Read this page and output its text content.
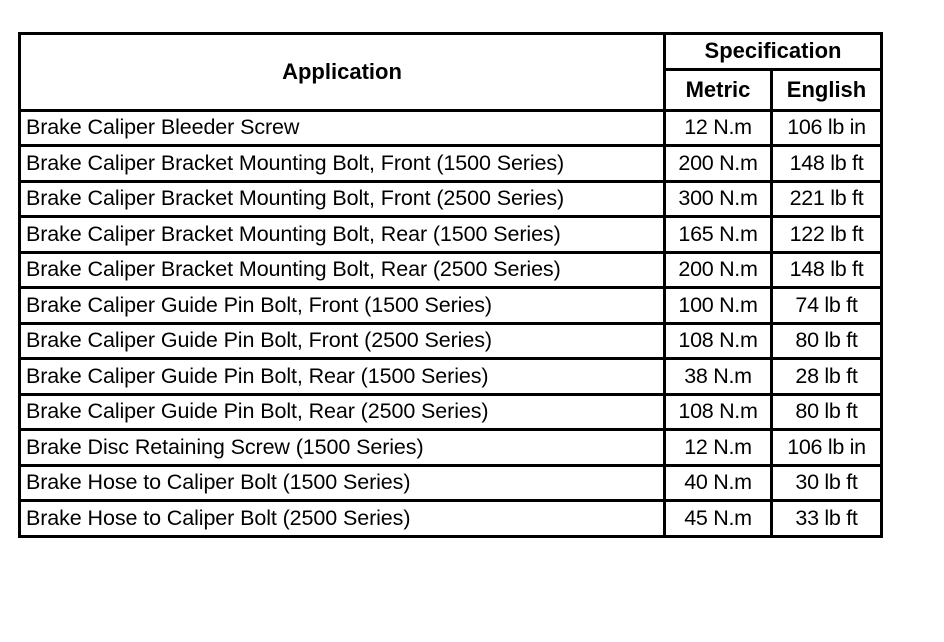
Application	Specification	
	Metric	English
Brake Caliper Bleeder Screw	12 N.m	106 lb in
Brake Caliper Bracket Mounting Bolt, Front (1500 Series)	200 N.m	148 lb ft
Brake Caliper Bracket Mounting Bolt, Front (2500 Series)	300 N.m	221 lb ft
Brake Caliper Bracket Mounting Bolt, Rear (1500 Series)	165 N.m	122 lb ft
Brake Caliper Bracket Mounting Bolt, Rear (2500 Series)	200 N.m	148 lb ft
Brake Caliper Guide Pin Bolt, Front (1500 Series)	100 N.m	74 lb ft
Brake Caliper Guide Pin Bolt, Front (2500 Series)	108 N.m	80 lb ft
Brake Caliper Guide Pin Bolt, Rear (1500 Series)	38 N.m	28 lb ft
Brake Caliper Guide Pin Bolt, Rear (2500 Series)	108 N.m	80 lb ft
Brake Disc Retaining Screw (1500 Series)	12 N.m	106 lb in
Brake Hose to Caliper Bolt (1500 Series)	40 N.m	30 lb ft
Brake Hose to Caliper Bolt (2500 Series)	45 N.m	33 lb ft
